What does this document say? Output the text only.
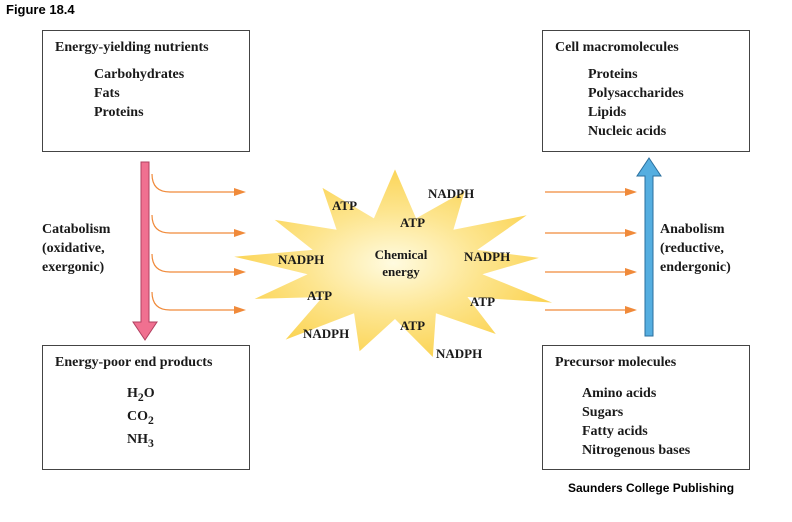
Figure 18.4
Energy-yielding nutrients
Carbohydrates
Fats
Proteins
Cell macromolecules
Proteins
Polysaccharides
Lipids
Nucleic acids
Energy-poor end products
$H_2O$
$CO_2$
$NH_3$
Precursor molecules
Amino acids
Sugars
Fatty acids
Nitrogenous bases
Catabolism
(oxidative,
exergonic)
Anabolism
(reductive,
endergonic)
Chemical
energy
ATP
NADPH
ATP
NADPH	NADPH
ATP	ATP
NADPH
ATP
NADPH
Saunders College Publishing
